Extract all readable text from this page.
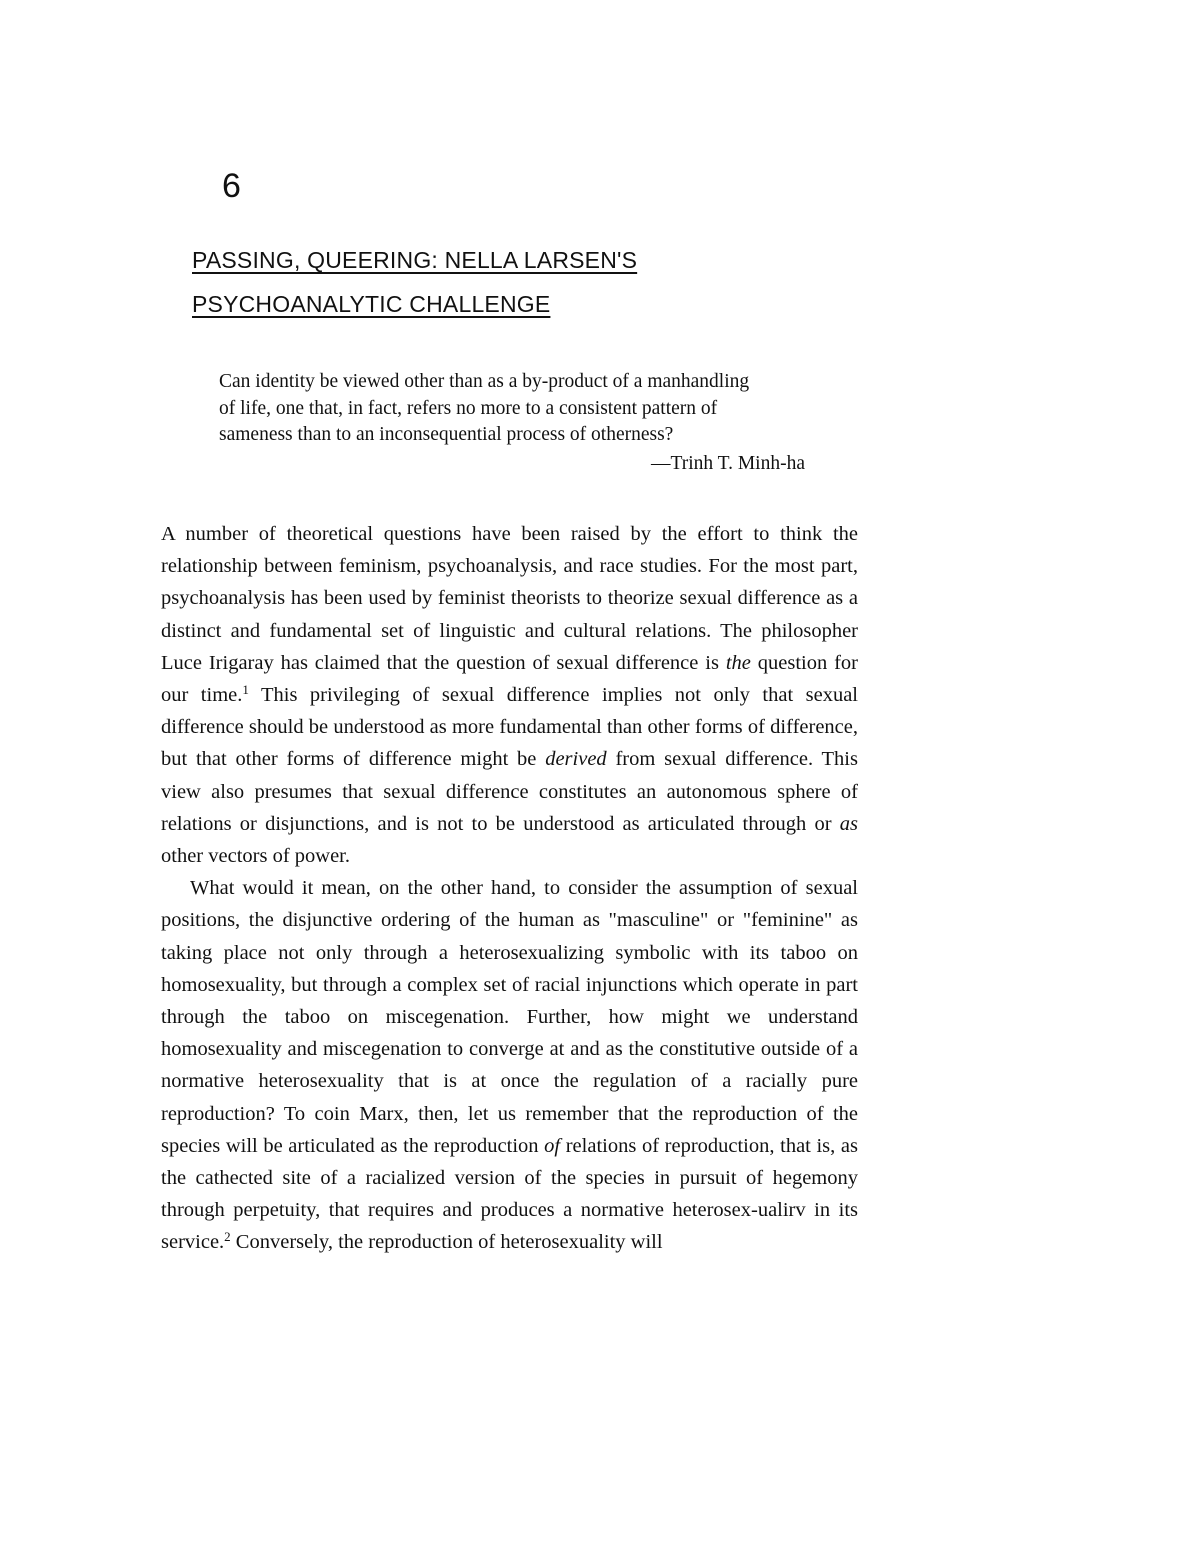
6
PASSING, QUEERING: NELLA LARSEN'S
PSYCHOANALYTIC CHALLENGE
Can identity be viewed other than as a by-product of a manhandling
of life, one that, in fact, refers no more to a consistent pattern of
sameness than to an inconsequential process of otherness?
—Trinh T. Minh-ha

A number of theoretical questions have been raised by the effort to think the relationship between feminism, psychoanalysis, and race studies. For the most part, psychoanalysis has been used by feminist theorists to theorize sexual difference as a distinct and fundamental set of linguistic and cultural relations. The philosopher Luce Irigaray has claimed that the question of sexual difference is the question for our time.$^1$ This privileging of sexual difference implies not only that sexual difference should be understood as more fundamental than other forms of difference, but that other forms of difference might be derived from sexual difference. This view also presumes that sexual difference constitutes an autonomous sphere of relations or disjunctions, and is not to be understood as articulated through or as other vectors of power.

What would it mean, on the other hand, to consider the assumption of sexual positions, the disjunctive ordering of the human as "masculine" or "feminine" as taking place not only through a heterosexualizing symbolic with its taboo on homosexuality, but through a complex set of racial injunctions which operate in part through the taboo on miscegenation. Further, how might we understand homosexuality and miscegenation to converge at and as the constitutive outside of a normative heterosexuality that is at once the regulation of a racially pure reproduction? To coin Marx, then, let us remember that the reproduction of the species will be articulated as the reproduction of relations of reproduction, that is, as the cathected site of a racialized version of the species in pursuit of hegemony through perpetuity, that requires and produces a normative heterosex-ualirv in its service.$^2$ Conversely, the reproduction of heterosexuality will
